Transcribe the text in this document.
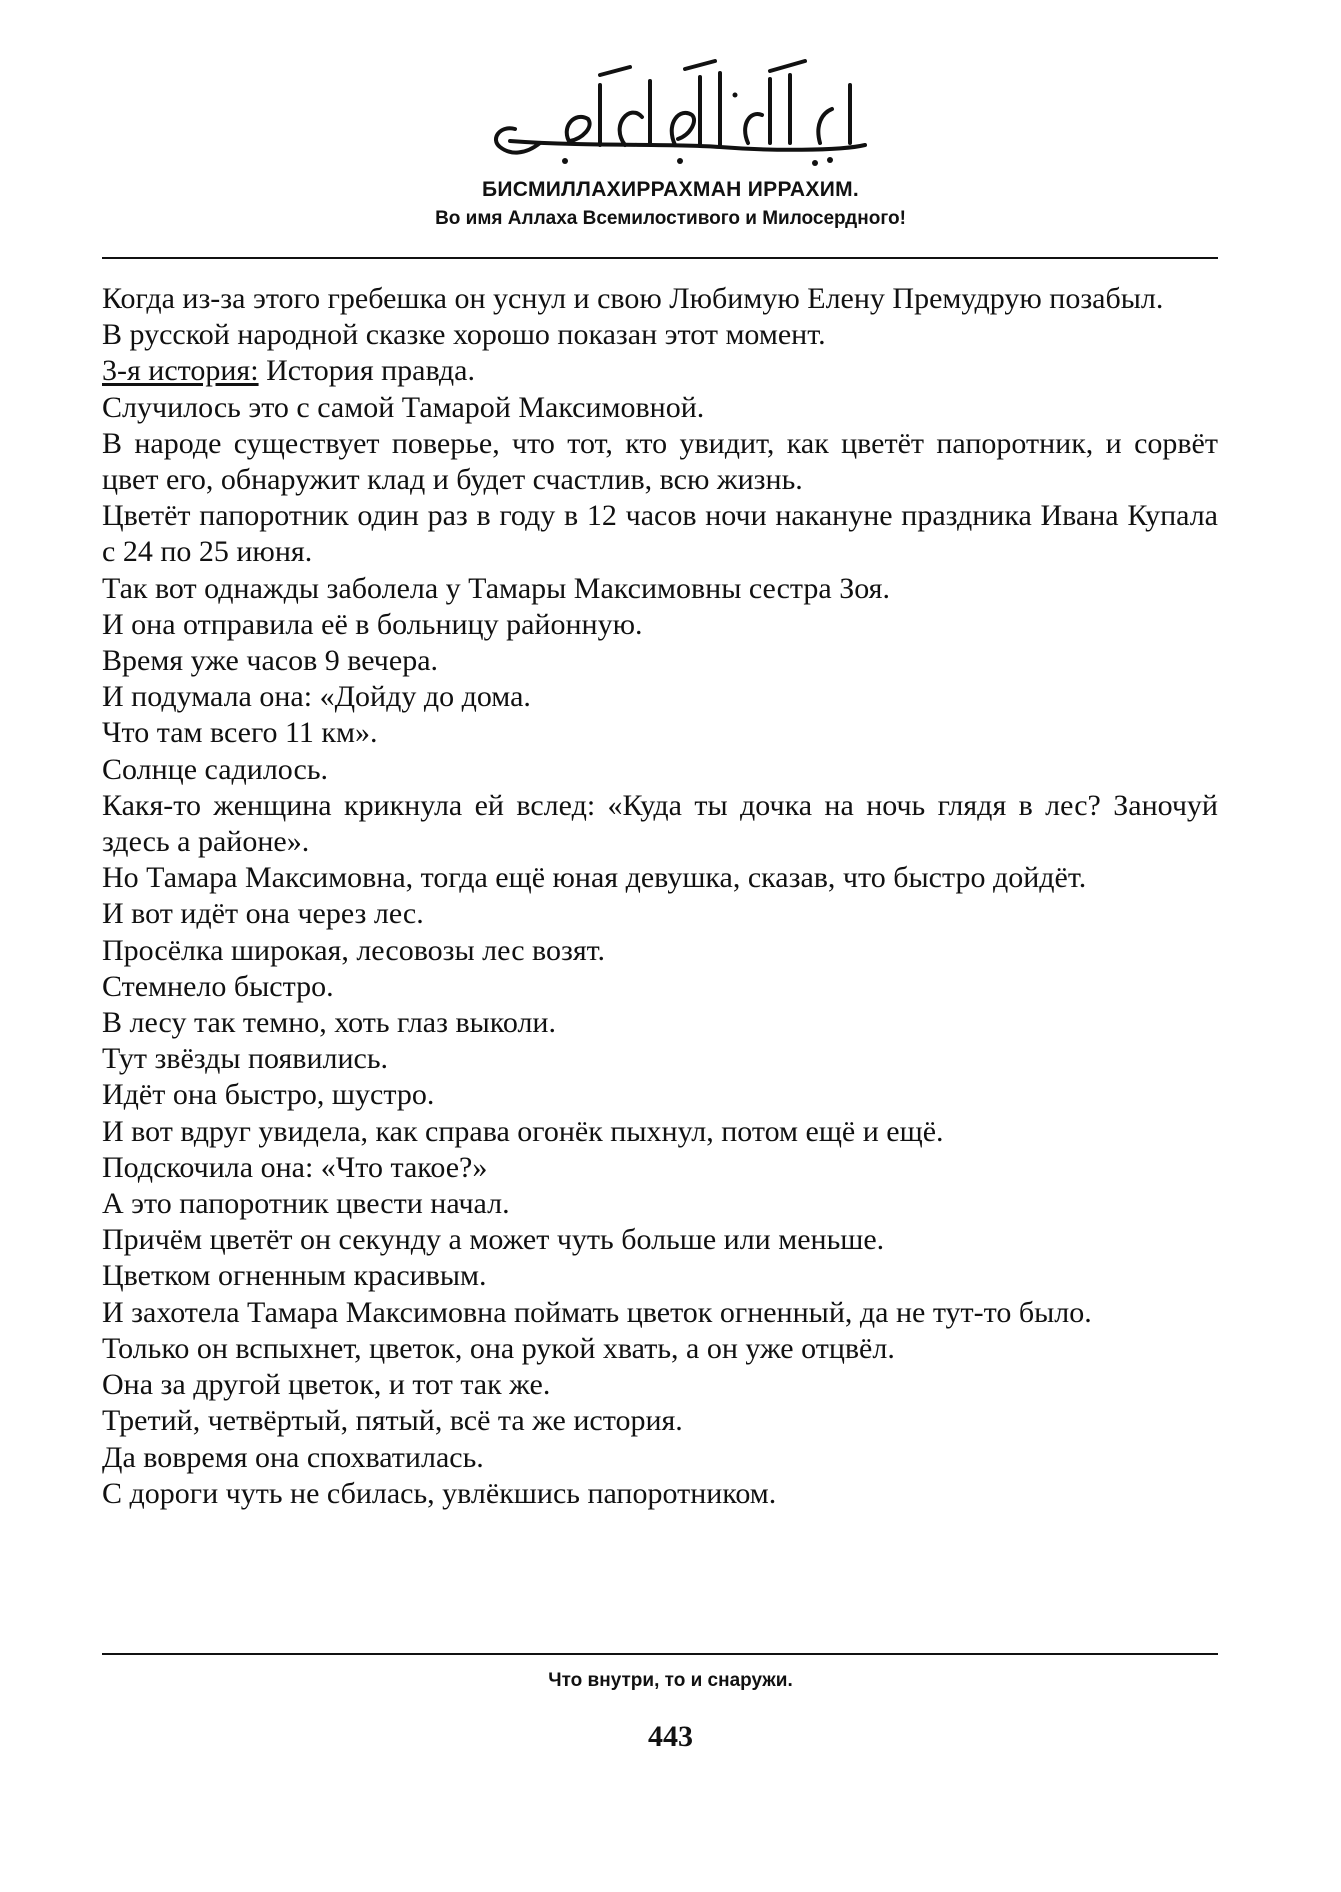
БИСМИЛЛАХИРРАХМАН ИРРАХИМ.
Во имя Аллаха Всемилостивого и Милосердного!

Когда из-за этого гребешка он уснул и свою Любимую Елену Премудрую позабыл.

В русской народной сказке хорошо показан этот момент.

3-я история: История правда.

Случилось это с самой Тамарой Максимовной.

В народе существует поверье, что тот, кто увидит, как цветёт папоротник, и сорвёт цвет его, обнаружит клад и будет счастлив, всю жизнь.

Цветёт папоротник один раз в году в 12 часов ночи накануне праздника Ивана Купала с 24 по 25 июня.

Так вот однажды заболела у Тамары Максимовны сестра Зоя.

И она отправила её в больницу районную.

Время уже часов 9 вечера.

И подумала она: «Дойду до дома.

Что там всего 11 км».

Солнце садилось.

Какя-то женщина крикнула ей вслед: «Куда ты дочка на ночь глядя в лес? Заночуй здесь а районе».

Но Тамара Максимовна, тогда ещё юная девушка, сказав, что быстро дойдёт.

И вот идёт она через лес.

Просёлка широкая, лесовозы лес возят.

Стемнело быстро.

В лесу так темно, хоть глаз выколи.

Тут звёзды появились.

Идёт она быстро, шустро.

И вот вдруг увидела, как справа огонёк пыхнул, потом ещё и ещё.

Подскочила она: «Что такое?»

А это папоротник цвести начал.

Причём цветёт он секунду а может чуть больше или меньше.

Цветком огненным красивым.

И захотела Тамара Максимовна поймать цветок огненный, да не тут-то было.

Только он вспыхнет, цветок, она рукой хвать, а он уже отцвёл.

Она за другой цветок, и тот так же.

Третий, четвёртый, пятый, всё та же история.

Да вовремя она спохватилась.

С дороги чуть не сбилась, увлёкшись папоротником.

Что внутри, то и снаружи.
443
